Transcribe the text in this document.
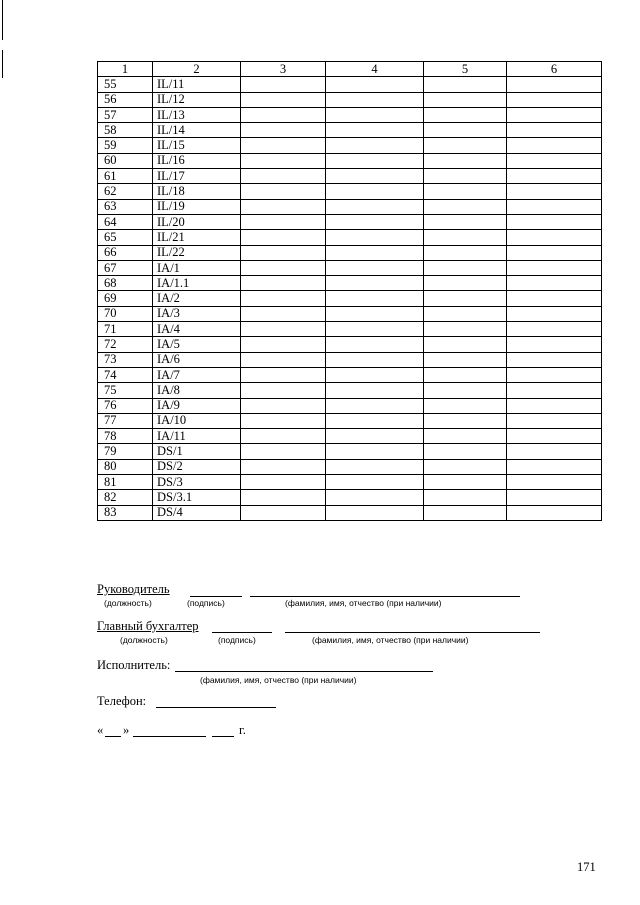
1	2	3	4	5	6
55	IL/11				
56	IL/12				
57	IL/13				
58	IL/14				
59	IL/15				
60	IL/16				
61	IL/17				
62	IL/18				
63	IL/19				
64	IL/20				
65	IL/21				
66	IL/22				
67	IA/1				
68	IA/1.1				
69	IA/2				
70	IA/3				
71	IA/4				
72	IA/5				
73	IA/6				
74	IA/7				
75	IA/8				
76	IA/9				
77	IA/10				
78	IA/11				
79	DS/1				
80	DS/2				
81	DS/3				
82	DS/3.1				
83	DS/4				
Руководитель
(должность)	(подпись)	(фамилия, имя, отчество (при наличии)
Главный бухгалтер
(должность)	(подпись)	(фамилия, имя, отчество (при наличии)
Исполнитель:
(фамилия, имя, отчество (при наличии)
Телефон:
« »	г.
171
